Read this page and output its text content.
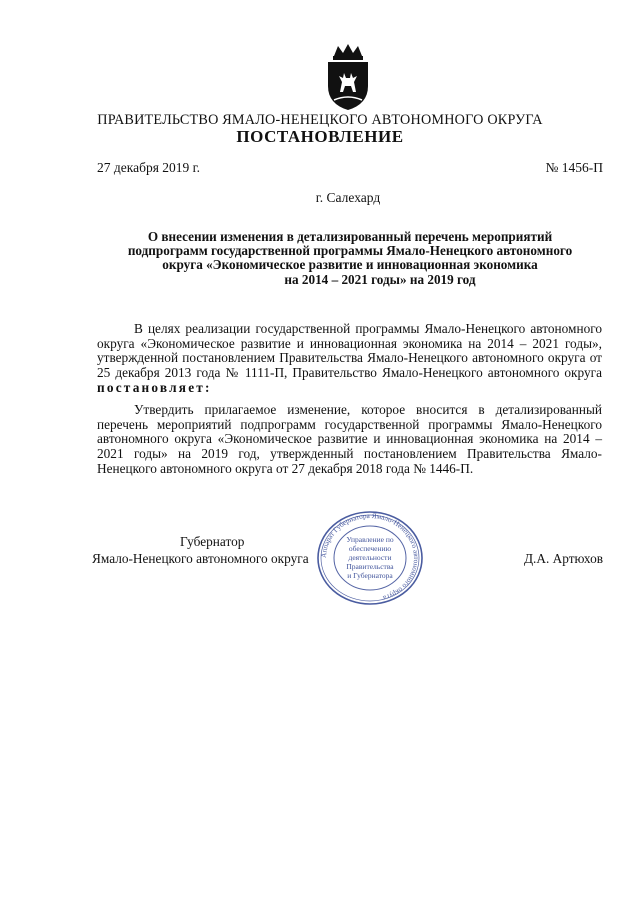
ПРАВИТЕЛЬСТВО ЯМАЛО-НЕНЕЦКОГО АВТОНОМНОГО ОКРУГА
ПОСТАНОВЛЕНИЕ
27 декабря 2019 г.	№ 1456-П
г. Салехард
О внесении изменения в детализированный перечень мероприятий
подпрограмм государственной программы Ямало-Ненецкого автономного
округа «Экономическое развитие и инновационная экономика
на 2014 – 2021 годы» на 2019 год
В целях реализации государственной программы Ямало-Ненецкого автономного округа «Экономическое развитие и инновационная экономика на 2014 – 2021 годы», утвержденной постановлением Правительства Ямало-Ненецкого автономного округа от 25 декабря 2013 года № 1111-П, Правительство Ямало-Ненецкого автономного округа постановляет:
Утвердить прилагаемое изменение, которое вносится в детализированный перечень мероприятий подпрограмм государственной программы Ямало-Ненецкого автономного округа «Экономическое развитие и инновационная экономика на 2014 – 2021 годы» на 2019 год, утвержденный постановлением Правительства Ямало-Ненецкого автономного округа от 27 декабря 2018 года № 1446-П.
Губернатор
Ямало-Ненецкого автономного округа	Д.А. Артюхов
Аппарат Губернатора Ямало-Ненецкого автономного округа
Управление по
обеспечению
деятельности
Правительства
и Губернатора
